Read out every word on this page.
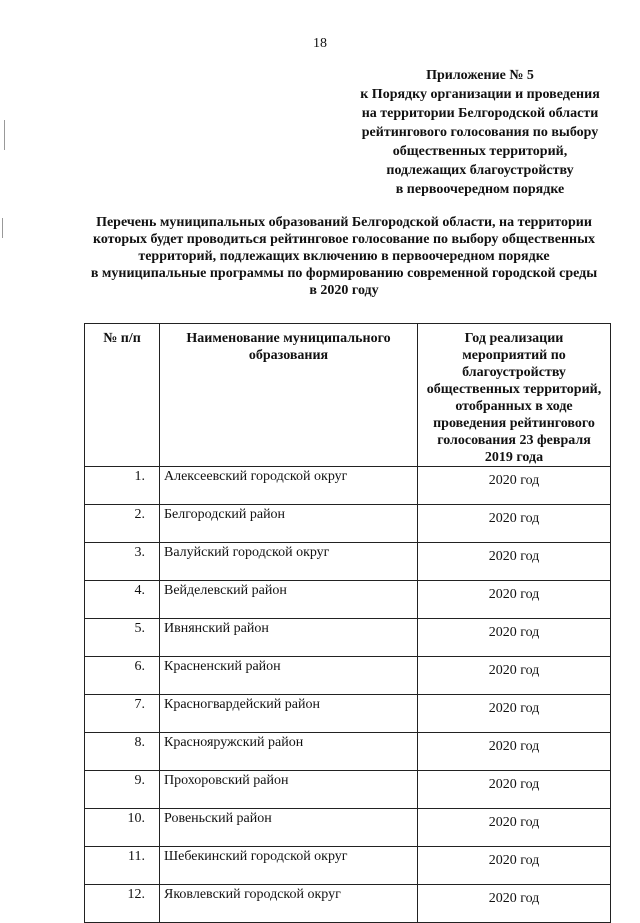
18
Приложение № 5
к Порядку организации и проведения
на территории Белгородской области
рейтингового голосования по выбору
общественных территорий,
подлежащих благоустройству
в первоочередном порядке
Перечень муниципальных образований Белгородской области, на территории
которых будет проводиться рейтинговое голосование по выбору общественных
территорий, подлежащих включению в первоочередном порядке
в муниципальные программы по формированию современной городской среды
в 2020 году
№ п/п	Наименование муниципального образования	Год реализации мероприятий по благоустройству общественных территорий, отобранных в ходе проведения рейтингового голосования 23 февраля 2019 года
1.	Алексеевский городской округ	2020 год
2.	Белгородский район	2020 год
3.	Валуйский городской округ	2020 год
4.	Вейделевский район	2020 год
5.	Ивнянский район	2020 год
6.	Красненский район	2020 год
7.	Красногвардейский район	2020 год
8.	Краснояружский район	2020 год
9.	Прохоровский район	2020 год
10.	Ровеньский район	2020 год
11.	Шебекинский городской округ	2020 год
12.	Яковлевский городской округ	2020 год
